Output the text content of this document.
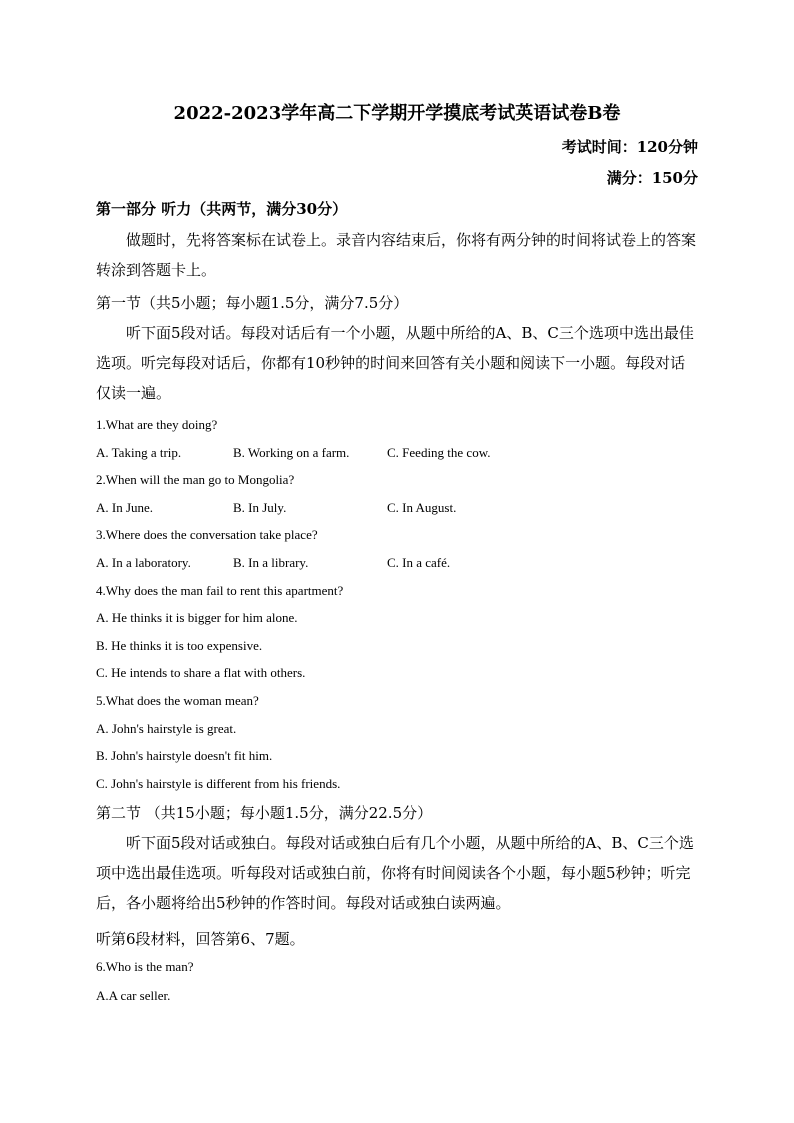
2022-2023学年高二下学期开学摸底考试英语试卷B卷
考试时间：120分钟
满分：150分
第一部分 听力（共两节，满分30分）
做题时，先将答案标在试卷上。录音内容结束后，你将有两分钟的时间将试卷上的答案转涂到答题卡上。
第一节（共5小题；每小题1.5分，满分7.5分）
听下面5段对话。每段对话后有一个小题，从题中所给的A、B、C三个选项中选出最佳选项。听完每段对话后，你都有10秒钟的时间来回答有关小题和阅读下一小题。每段对话仅读一遍。
1.What are they doing?
A. Taking a trip.	B. Working on a farm.	C. Feeding the cow.
2.When will the man go to Mongolia?
A. In June.	B. In July.	C. In August.
3.Where does the conversation take place?
A. In a laboratory.	B. In a library.	C. In a café.
4.Why does the man fail to rent this apartment?
A. He thinks it is bigger for him alone.
B. He thinks it is too expensive.
C. He intends to share a flat with others.
5.What does the woman mean?
A. John's hairstyle is great.
B. John's hairstyle doesn't fit him.
C. John's hairstyle is different from his friends.
第二节 （共15小题；每小题1.5分，满分22.5分）
听下面5段对话或独白。每段对话或独白后有几个小题，从题中所给的A、B、C三个选项中选出最佳选项。听每段对话或独白前，你将有时间阅读各个小题，每小题5秒钟；听完后，各小题将给出5秒钟的作答时间。每段对话或独白读两遍。
听第6段材料，回答第6、7题。
6.Who is the man?
A.A car seller.
